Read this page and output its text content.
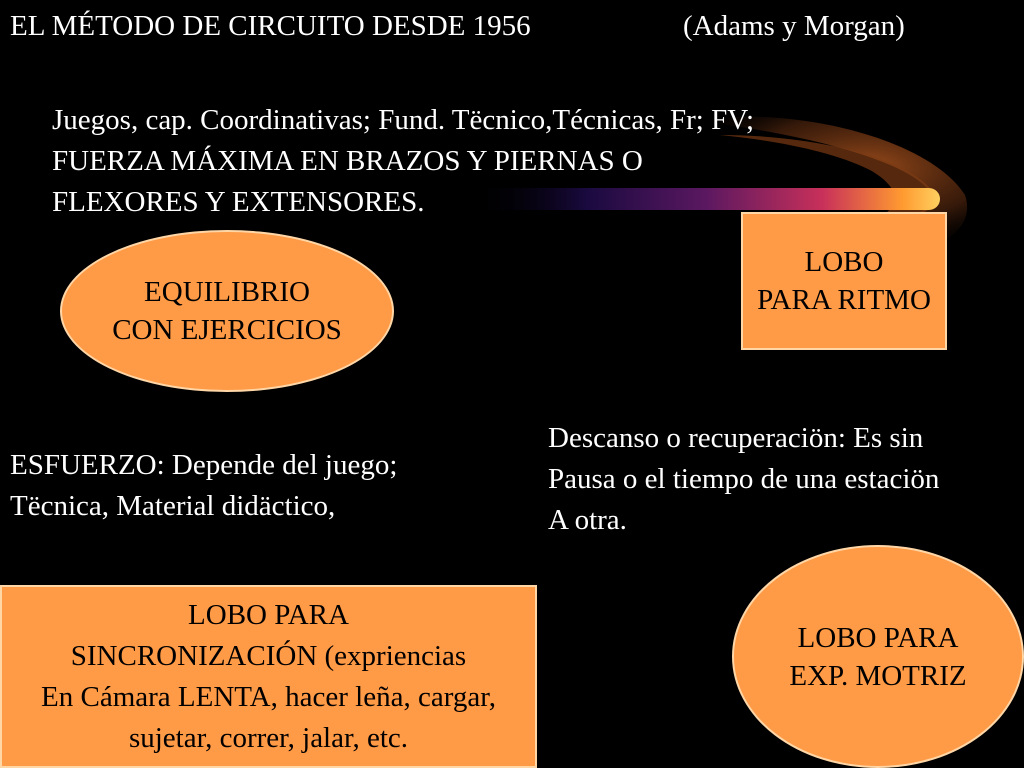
EL MÉTODO DE CIRCUITO DESDE 1956	(Adams y Morgan)
Juegos, cap. Coordinativas; Fund. Tëcnico,Técnicas, Fr; FV;
FUERZA MÁXIMA EN BRAZOS Y PIERNAS O
FLEXORES Y EXTENSORES.
EQUILIBRIO
CON EJERCICIOS
LOBO
PARA RITMO
ESFUERZO: Depende del juego;
Tëcnica, Material didäctico,
Descanso o recuperaciön: Es sin
Pausa o el tiempo de una estaciön
A otra.
LOBO PARA
SINCRONIZACIÓN (expriencias
En Cámara LENTA, hacer leña, cargar,
sujetar, correr, jalar, etc.
LOBO PARA
EXP. MOTRIZ
